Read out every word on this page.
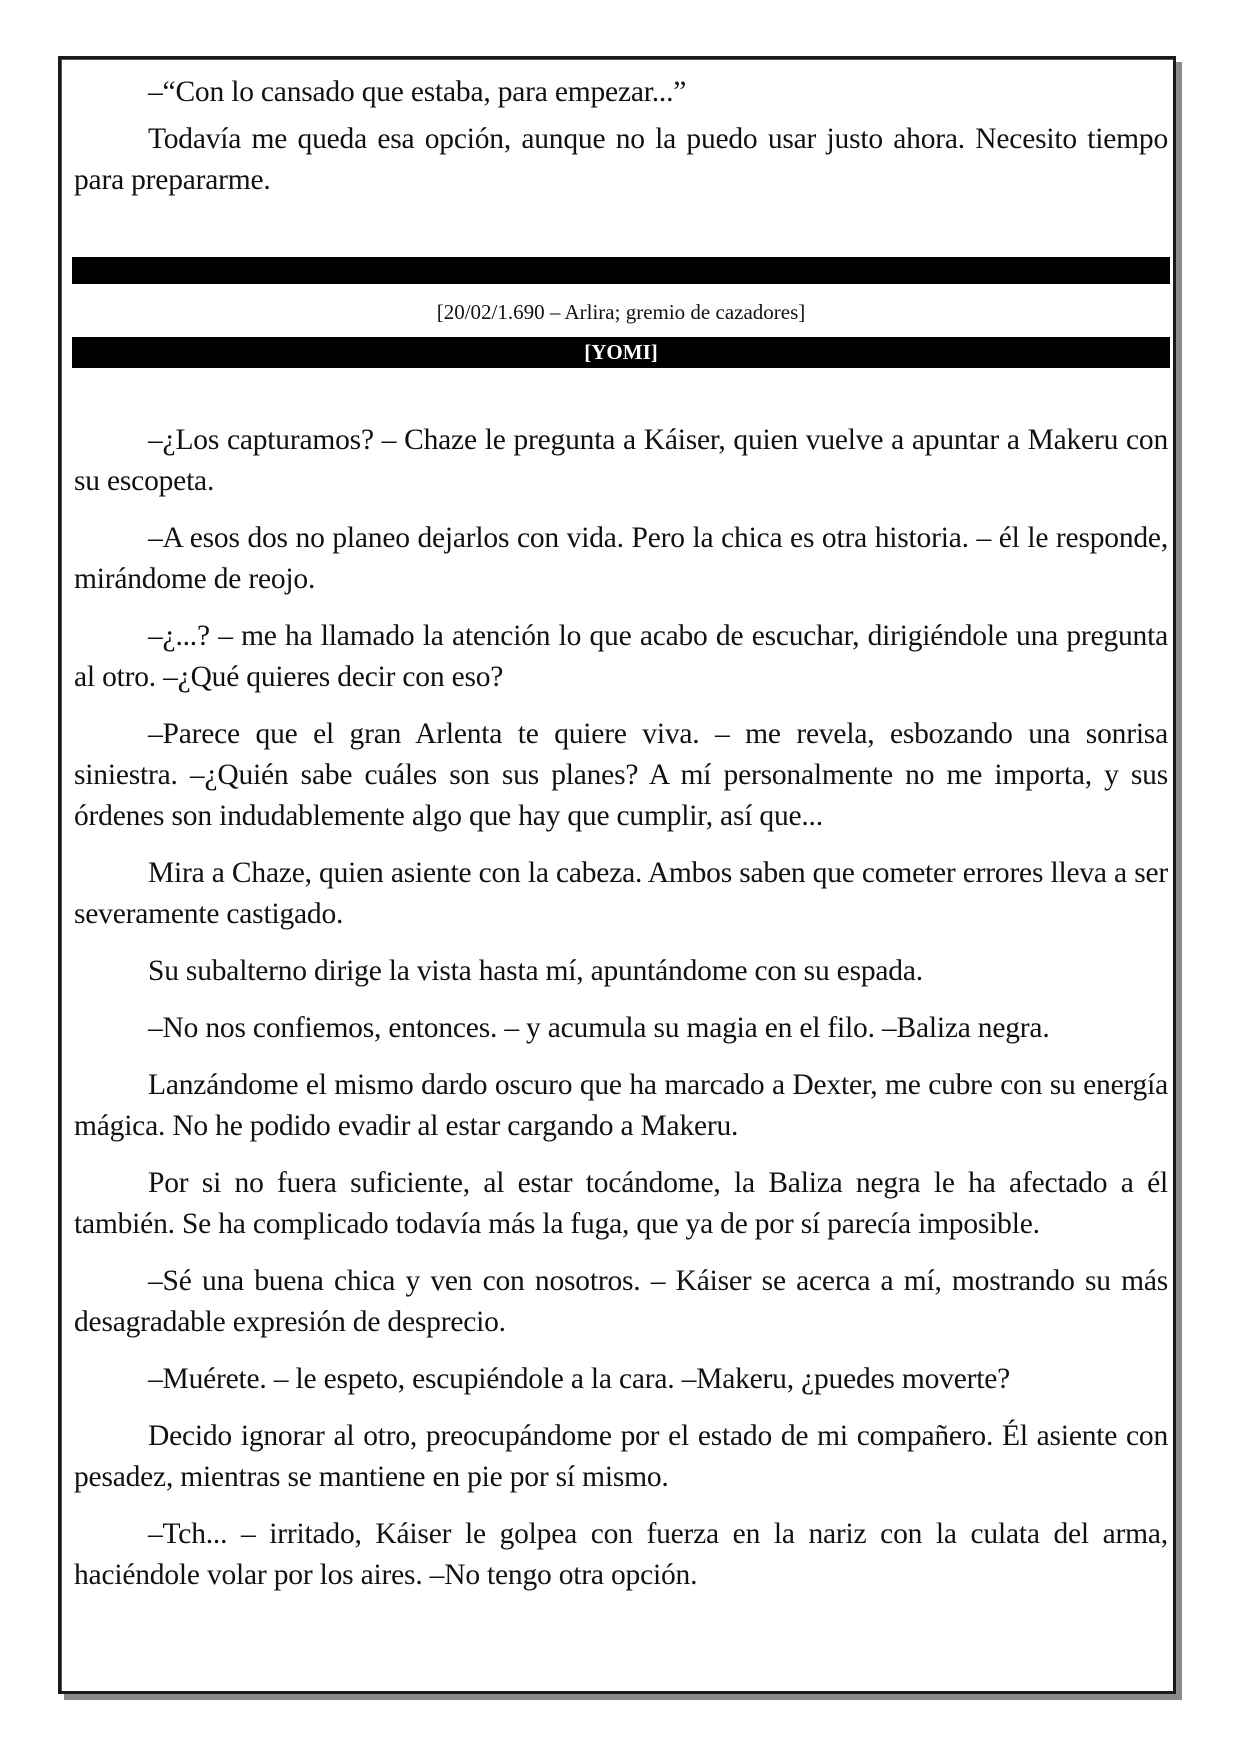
–“Con lo cansado que estaba, para empezar...”

Todavía me queda esa opción, aunque no la puedo usar justo ahora. Necesito tiempo para prepararme.

[20/02/1.690 – Arlira; gremio de cazadores]

[YOMI]

–¿Los capturamos? – Chaze le pregunta a Káiser, quien vuelve a apuntar a Makeru con su escopeta.

–A esos dos no planeo dejarlos con vida. Pero la chica es otra historia. – él le responde, mirándome de reojo.

–¿...? – me ha llamado la atención lo que acabo de escuchar, dirigiéndole una pregunta al otro. –¿Qué quieres decir con eso?

–Parece que el gran Arlenta te quiere viva. – me revela, esbozando una sonrisa siniestra. –¿Quién sabe cuáles son sus planes? A mí personalmente no me importa, y sus órdenes son indudablemente algo que hay que cumplir, así que...

Mira a Chaze, quien asiente con la cabeza. Ambos saben que cometer errores lleva a ser severamente castigado.

Su subalterno dirige la vista hasta mí, apuntándome con su espada.

–No nos confiemos, entonces. – y acumula su magia en el filo. –Baliza negra.

Lanzándome el mismo dardo oscuro que ha marcado a Dexter, me cubre con su energía mágica. No he podido evadir al estar cargando a Makeru.

Por si no fuera suficiente, al estar tocándome, la Baliza negra le ha afectado a él también. Se ha complicado todavía más la fuga, que ya de por sí parecía imposible.

–Sé una buena chica y ven con nosotros. – Káiser se acerca a mí, mostrando su más desagradable expresión de desprecio.

–Muérete. – le espeto, escupiéndole a la cara. –Makeru, ¿puedes moverte?

Decido ignorar al otro, preocupándome por el estado de mi compañero. Él asiente con pesadez, mientras se mantiene en pie por sí mismo.

–Tch... – irritado, Káiser le golpea con fuerza en la nariz con la culata del arma, haciéndole volar por los aires. –No tengo otra opción.
